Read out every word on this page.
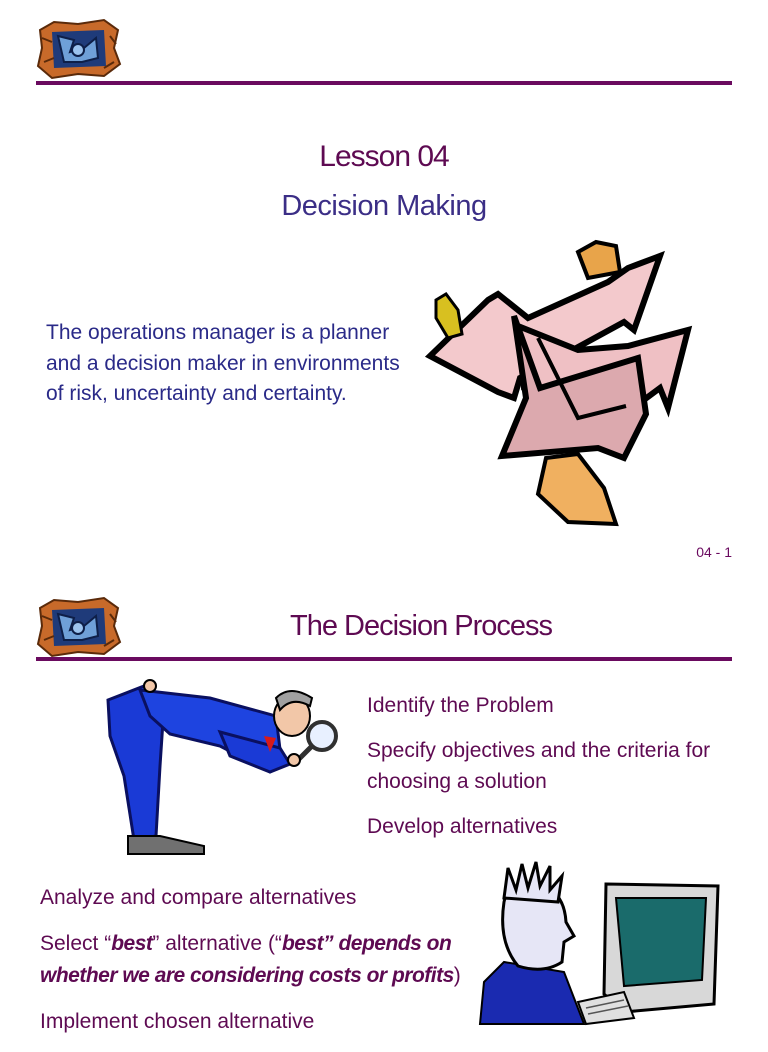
Lesson 04
Decision Making
The operations manager is a planner and a decision maker in environments of risk, uncertainty and certainty.
04 - 1
The Decision Process
Identify the Problem
Specify objectives and the criteria for choosing a solution
Develop alternatives
Analyze and compare alternatives
Select “best” alternative (“best” depends on whether we are considering costs or profits)
Implement chosen alternative
